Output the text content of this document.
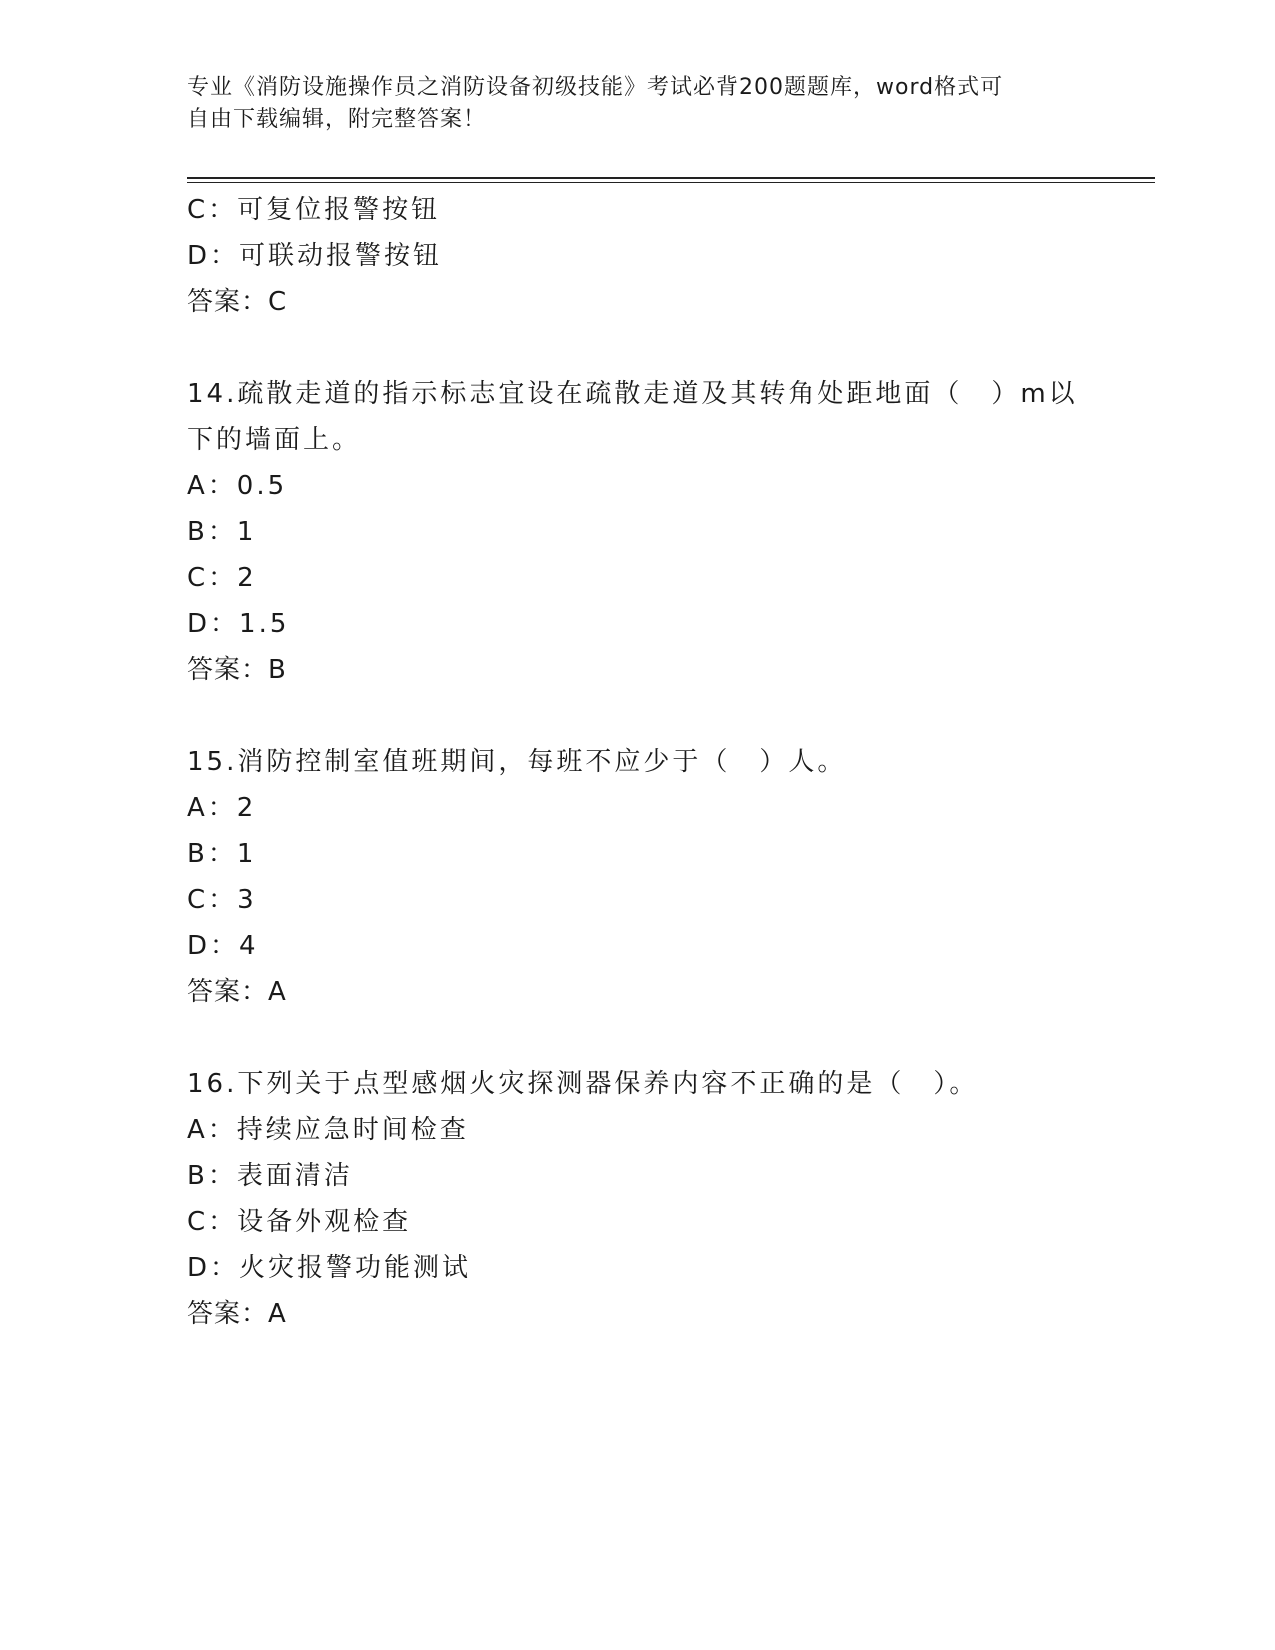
专业《消防设施操作员之消防设备初级技能》考试必背200题题库，word格式可
自由下载编辑，附完整答案！
C：可复位报警按钮
D：可联动报警按钮
答案：C
14.疏散走道的指示标志宜设在疏散走道及其转角处距地面（　）m以
下的墙面上。
A：0.5
B：1
C：2
D：1.5
答案：B
15.消防控制室值班期间，每班不应少于（　）人。
A：2
B：1
C：3
D：4
答案：A
16.下列关于点型感烟火灾探测器保养内容不正确的是（　）。
A：持续应急时间检查
B：表面清洁
C：设备外观检查
D：火灾报警功能测试
答案：A
